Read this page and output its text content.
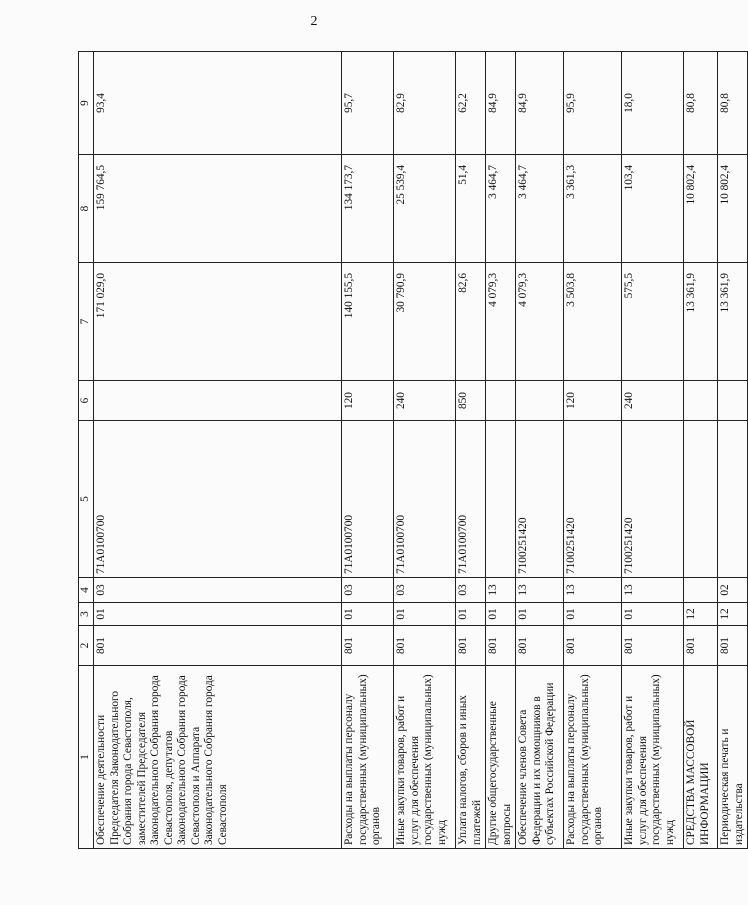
2
1	2	3	4	5	6	7	8	9
Обеспечение деятельности Председателя Законодательного Собрания города Севастополя, заместителей Председателя Законодательного Собрания города Севастополя, депутатов Законодательного Собрания города Севастополя и Аппарата Законодательного Собрания города Севастополя	801	01	03	71А0100700		171 029,0	159 764,5	93,4
Расходы на выплаты персоналу государственных (муниципальных) органов	801	01	03	71А0100700	120	140 155,5	134 173,7	95,7
Иные закупки товаров, работ и услуг для обеспечения государственных (муниципальных) нужд	801	01	03	71А0100700	240	30 790,9	25 539,4	82,9
Уплата налогов, сборов и иных платежей	801	01	03	71А0100700	850	82,6	51,4	62,2
Другие общегосударственные вопросы	801	01	13			4 079,3	3 464,7	84,9
Обеспечение членов Совета Федерации и их помощников в субъектах Российской Федерации	801	01	13	7100251420		4 079,3	3 464,7	84,9
Расходы на выплаты персоналу государственных (муниципальных) органов	801	01	13	7100251420	120	3 503,8	3 361,3	95,9
Иные закупки товаров, работ и услуг для обеспечения государственных (муниципальных) нужд	801	01	13	7100251420	240	575,5	103,4	18,0
СРЕДСТВА МАССОВОЙ ИНФОРМАЦИИ	801	12				13 361,9	10 802,4	80,8
Периодическая печать и издательства	801	12	02			13 361,9	10 802,4	80,8
